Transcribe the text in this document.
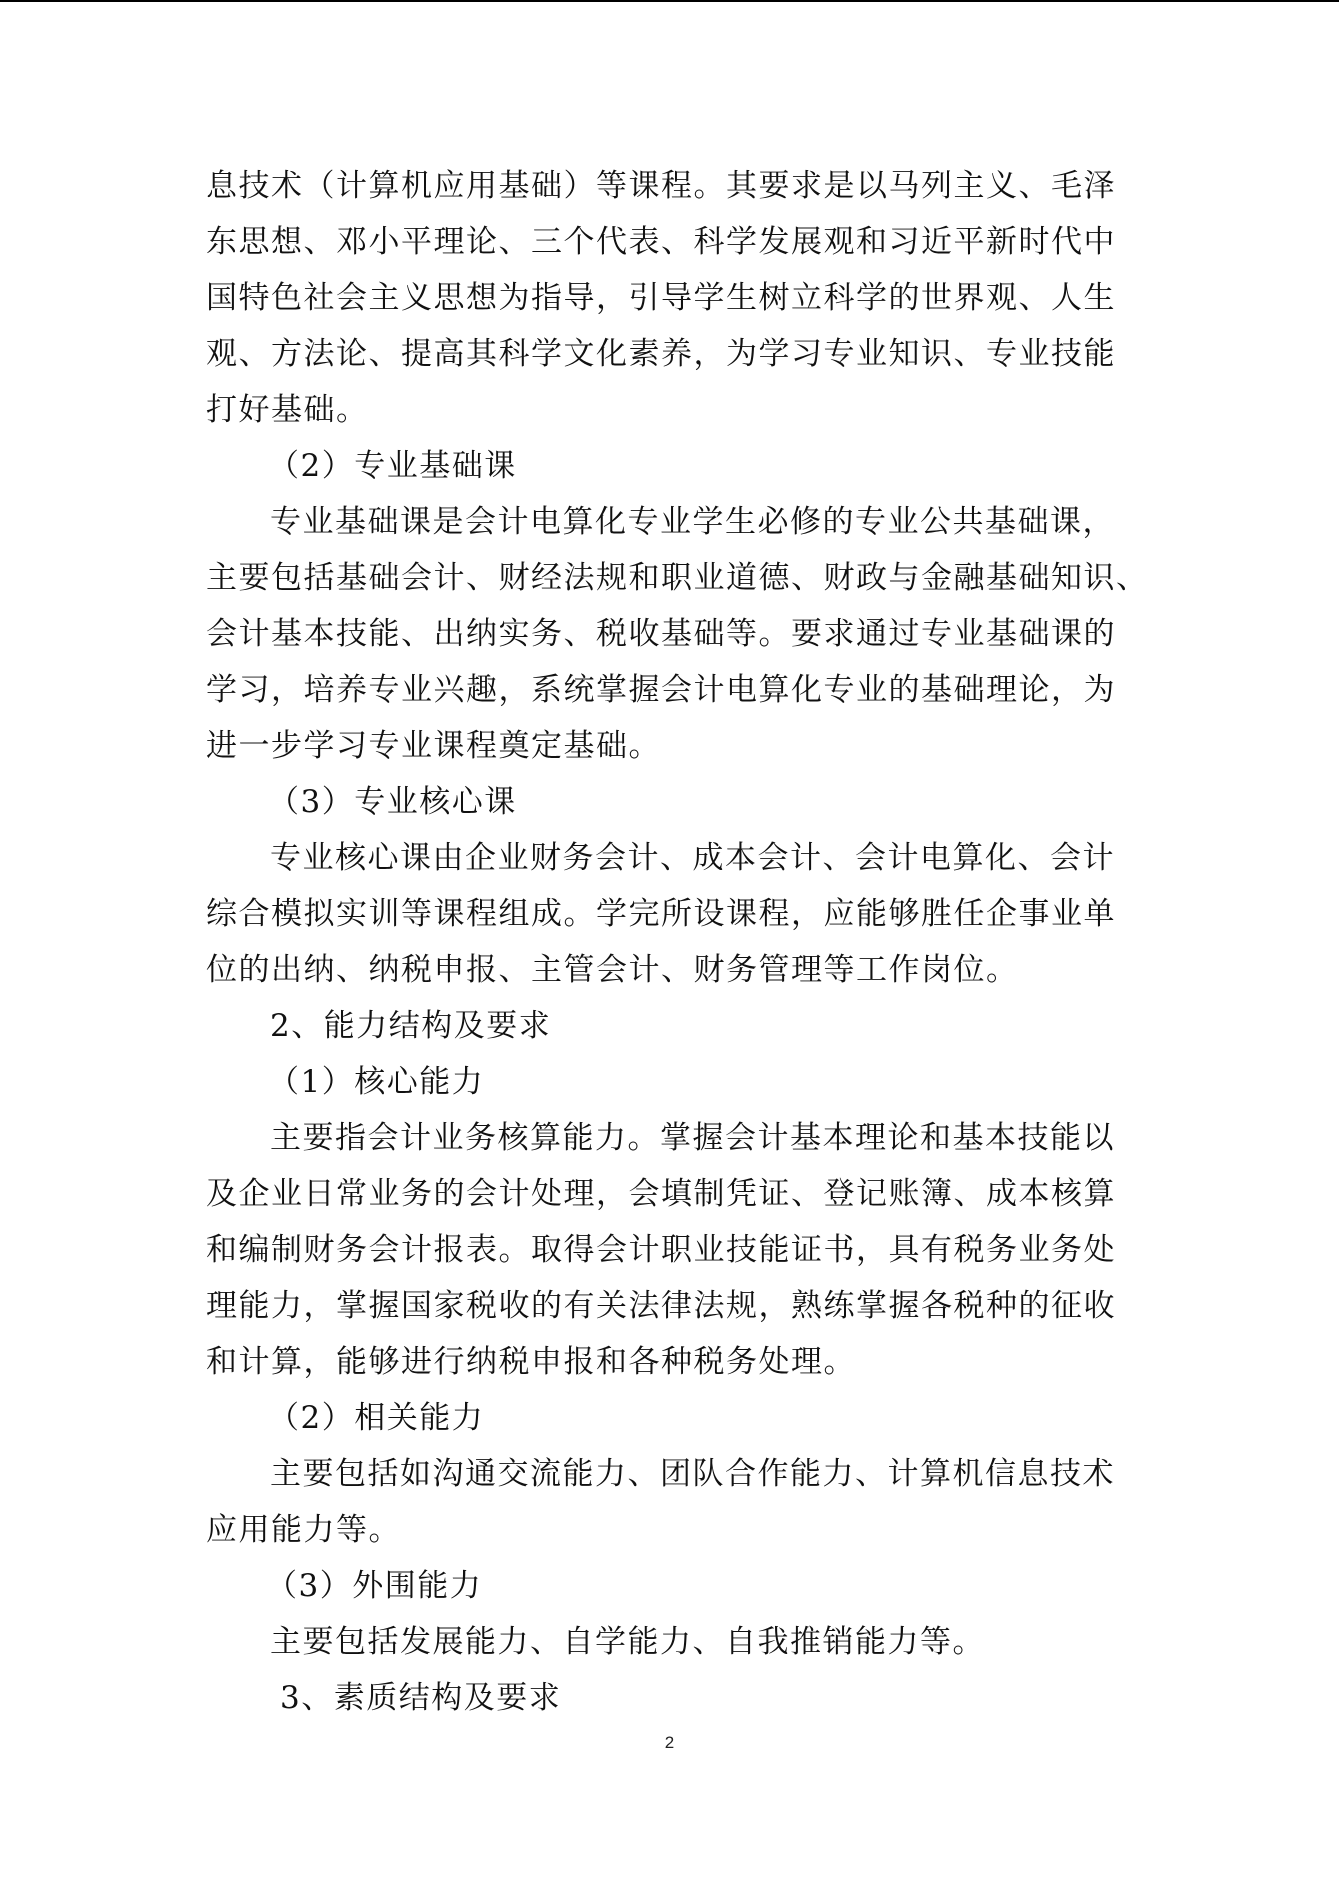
息技术（计算机应用基础）等课程。其要求是以马列主义、毛泽
东思想、邓小平理论、三个代表、科学发展观和习近平新时代中
国特色社会主义思想为指导，引导学生树立科学的世界观、人生
观、方法论、提高其科学文化素养，为学习专业知识、专业技能
打好基础。
（2）专业基础课
专业基础课是会计电算化专业学生必修的专业公共基础课，
主要包括基础会计、财经法规和职业道德、财政与金融基础知识、
会计基本技能、出纳实务、税收基础等。要求通过专业基础课的
学习，培养专业兴趣，系统掌握会计电算化专业的基础理论，为
进一步学习专业课程奠定基础。
（3）专业核心课
专业核心课由企业财务会计、成本会计、会计电算化、会计
综合模拟实训等课程组成。学完所设课程，应能够胜任企事业单
位的出纳、纳税申报、主管会计、财务管理等工作岗位。
2、能力结构及要求
（1）核心能力
主要指会计业务核算能力。掌握会计基本理论和基本技能以
及企业日常业务的会计处理，会填制凭证、登记账簿、成本核算
和编制财务会计报表。取得会计职业技能证书，具有税务业务处
理能力，掌握国家税收的有关法律法规，熟练掌握各税种的征收
和计算，能够进行纳税申报和各种税务处理。
（2）相关能力
主要包括如沟通交流能力、团队合作能力、计算机信息技术
应用能力等。
（3）外围能力
主要包括发展能力、自学能力、自我推销能力等。
3、素质结构及要求
2
